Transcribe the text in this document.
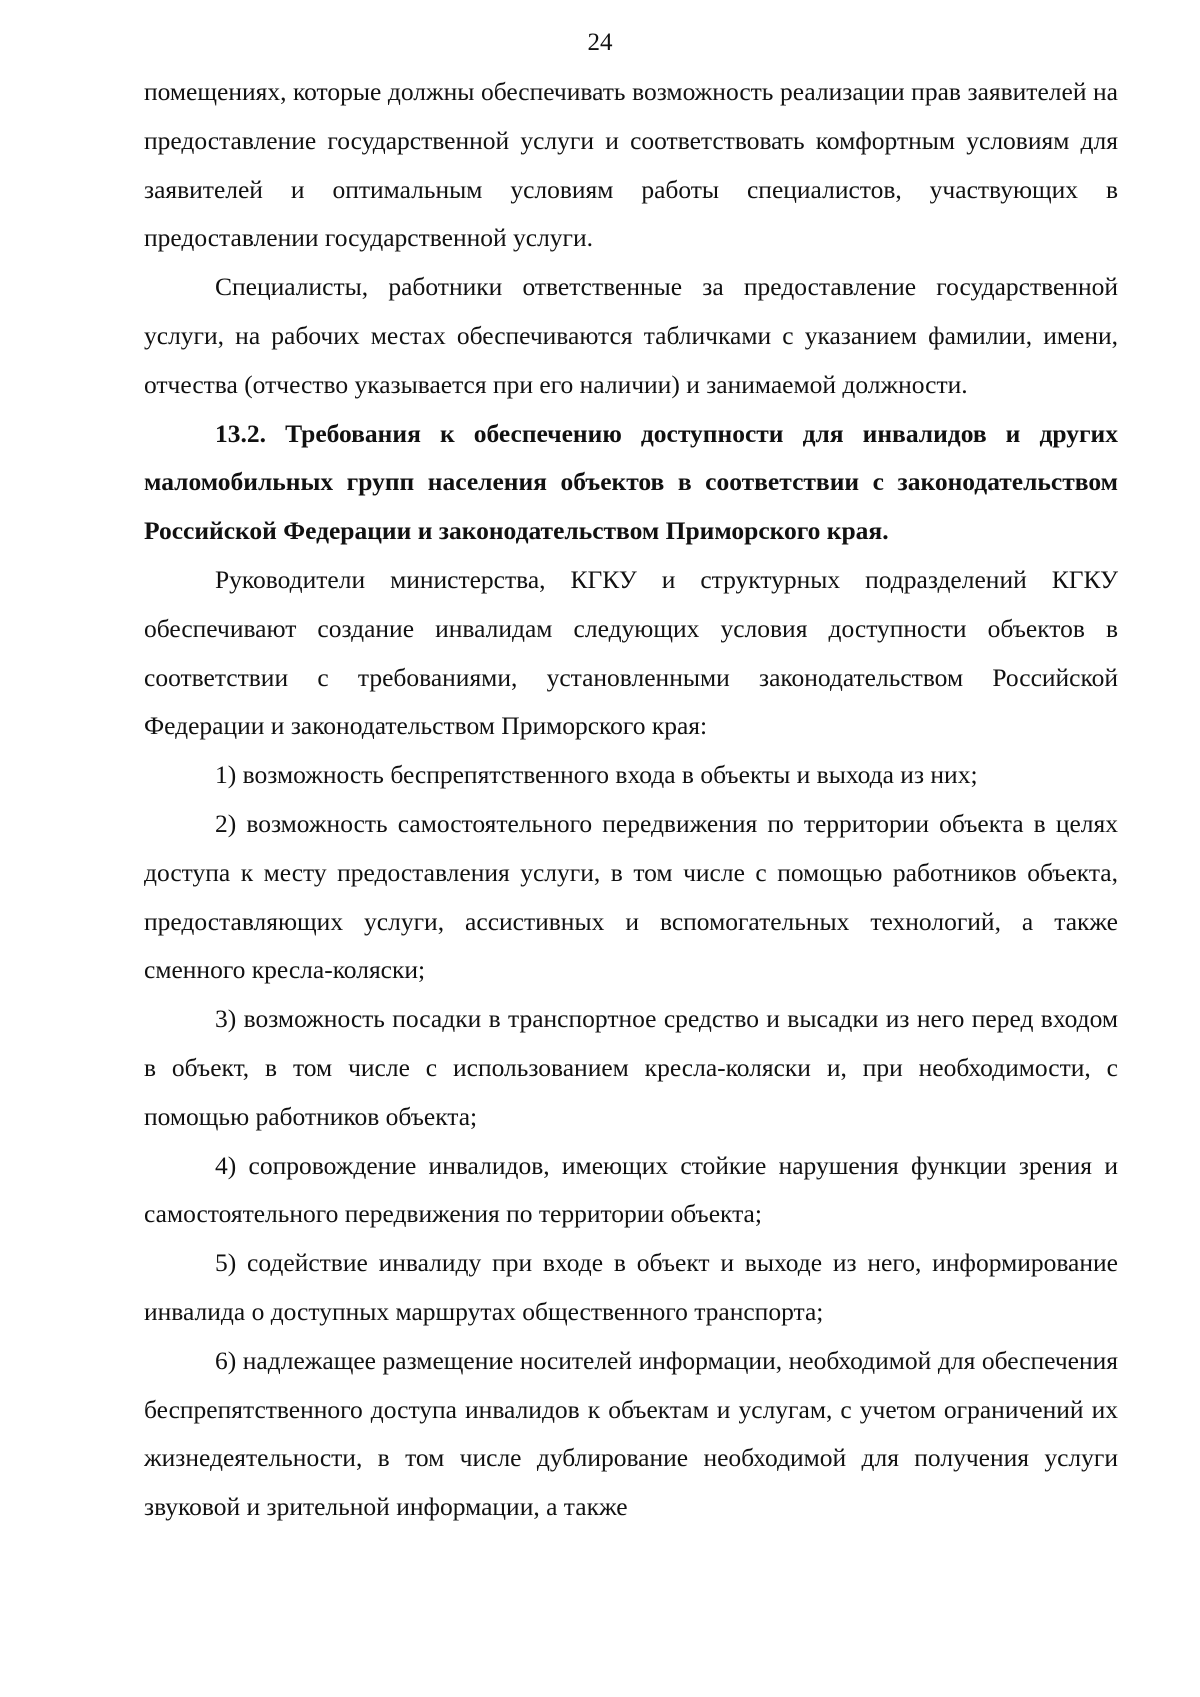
24

помещениях, которые должны обеспечивать возможность реализации прав заявителей на предоставление государственной услуги и соответствовать комфортным условиям для заявителей и оптимальным условиям работы специалистов, участвующих в предоставлении государственной услуги.

Специалисты, работники ответственные за предоставление государственной услуги, на рабочих местах обеспечиваются табличками с указанием фамилии, имени, отчества (отчество указывается при его наличии) и занимаемой должности.

13.2. Требования к обеспечению доступности для инвалидов и других маломобильных групп населения объектов в соответствии с законодательством Российской Федерации и законодательством Приморского края.

Руководители министерства, КГКУ и структурных подразделений КГКУ обеспечивают создание инвалидам следующих условия доступности объектов в соответствии с требованиями, установленными законодательством Российской Федерации и законодательством Приморского края:

1) возможность беспрепятственного входа в объекты и выхода из них;

2) возможность самостоятельного передвижения по территории объекта в целях доступа к месту предоставления услуги, в том числе с помощью работников объекта, предоставляющих услуги, ассистивных и вспомогательных технологий, а также сменного кресла-коляски;

3) возможность посадки в транспортное средство и высадки из него перед входом в объект, в том числе с использованием кресла-коляски и, при необходимости, с помощью работников объекта;

4) сопровождение инвалидов, имеющих стойкие нарушения функции зрения и самостоятельного передвижения по территории объекта;

5) содействие инвалиду при входе в объект и выходе из него, информирование инвалида о доступных маршрутах общественного транспорта;

6) надлежащее размещение носителей информации, необходимой для обеспечения беспрепятственного доступа инвалидов к объектам и услугам, с учетом ограничений их жизнедеятельности, в том числе дублирование необходимой для получения услуги звуковой и зрительной информации, а также
